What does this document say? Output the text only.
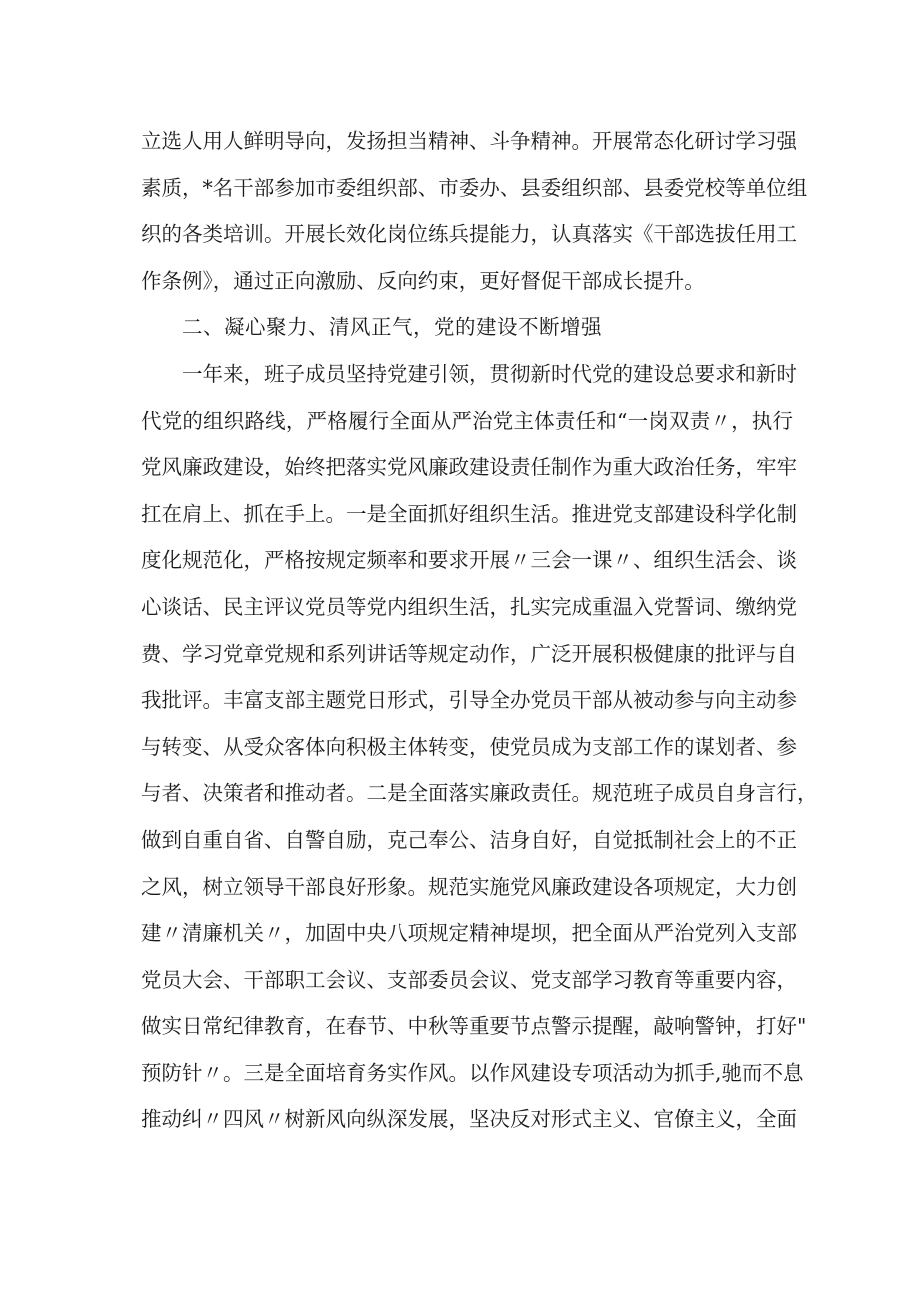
立选人用人鲜明导向，发扬担当精神、斗争精神。开展常态化研讨学习强
素质，*名干部参加市委组织部、市委办、县委组织部、县委党校等单位组
织的各类培训。开展长效化岗位练兵提能力，认真落实《干部选拔任用工
作条例》，通过正向激励、反向约束，更好督促干部成长提升。
二、凝心聚力、清风正气，党的建设不断增强
一年来，班子成员坚持党建引领，贯彻新时代党的建设总要求和新时
代党的组织路线，严格履行全面从严治党主体责任和“一岗双责〃，执行
党风廉政建设，始终把落实党风廉政建设责任制作为重大政治任务，牢牢
扛在肩上、抓在手上。一是全面抓好组织生活。推进党支部建设科学化制
度化规范化，严格按规定频率和要求开展〃三会一课〃、组织生活会、谈
心谈话、民主评议党员等党内组织生活，扎实完成重温入党誓词、缴纳党
费、学习党章党规和系列讲话等规定动作，广泛开展积极健康的批评与自
我批评。丰富支部主题党日形式，引导全办党员干部从被动参与向主动参
与转变、从受众客体向积极主体转变，使党员成为支部工作的谋划者、参
与者、决策者和推动者。二是全面落实廉政责任。规范班子成员自身言行，
做到自重自省、自警自励，克己奉公、洁身自好，自觉抵制社会上的不正
之风，树立领导干部良好形象。规范实施党风廉政建设各项规定，大力创
建〃清廉机关〃，加固中央八项规定精神堤坝，把全面从严治党列入支部
党员大会、干部职工会议、支部委员会议、党支部学习教育等重要内容，
做实日常纪律教育，在春节、中秋等重要节点警示提醒，敲响警钟，打好"
预防针〃。三是全面培育务实作风。以作风建设专项活动为抓手,驰而不息
推动纠〃四风〃树新风向纵深发展，坚决反对形式主义、官僚主义，全面
